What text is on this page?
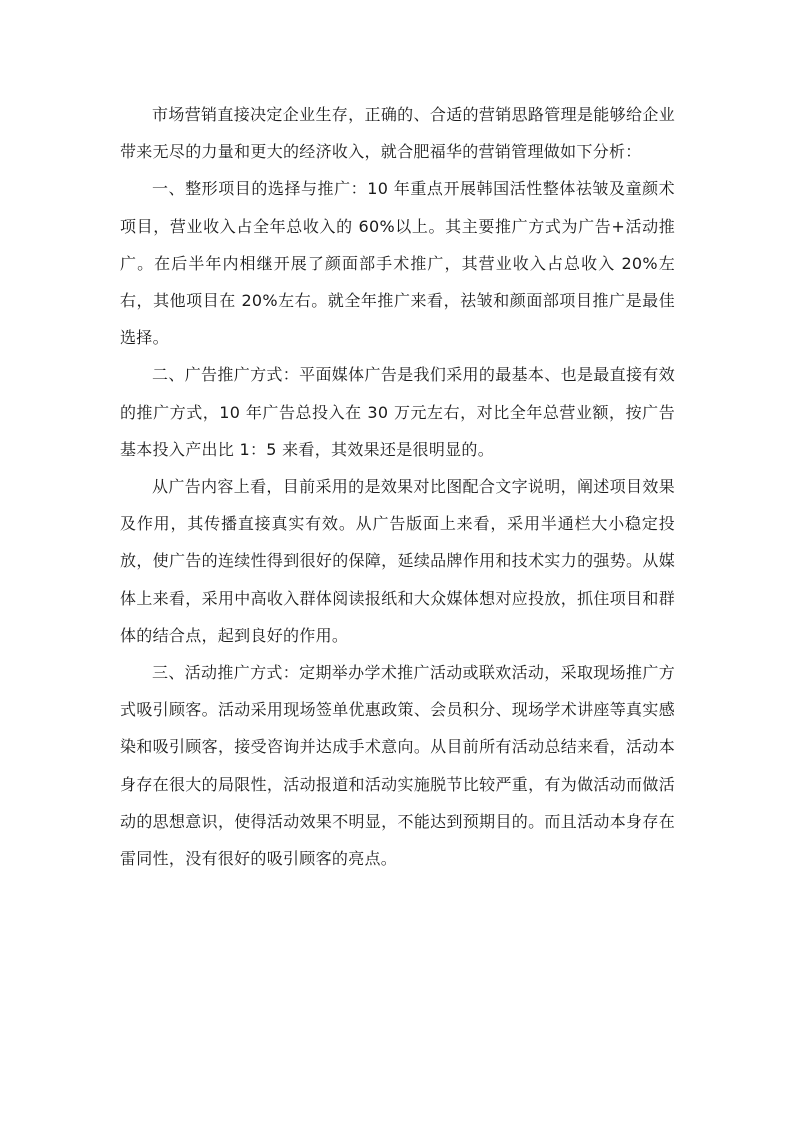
市场营销直接决定企业生存，正确的、合适的营销思路管理是能够给企业带来无尽的力量和更大的经济收入，就合肥福华的营销管理做如下分析：

一、整形项目的选择与推广：10 年重点开展韩国活性整体祛皱及童颜术项目，营业收入占全年总收入的 60%以上。其主要推广方式为广告+活动推广。在后半年内相继开展了颜面部手术推广，其营业收入占总收入 20%左右，其他项目在 20%左右。就全年推广来看，祛皱和颜面部项目推广是最佳选择。

二、广告推广方式：平面媒体广告是我们采用的最基本、也是最直接有效的推广方式，10 年广告总投入在 30 万元左右，对比全年总营业额，按广告基本投入产出比 1：5 来看，其效果还是很明显的。

从广告内容上看，目前采用的是效果对比图配合文字说明，阐述项目效果及作用，其传播直接真实有效。从广告版面上来看，采用半通栏大小稳定投放，使广告的连续性得到很好的保障，延续品牌作用和技术实力的强势。从媒体上来看，采用中高收入群体阅读报纸和大众媒体想对应投放，抓住项目和群体的结合点，起到良好的作用。

三、活动推广方式：定期举办学术推广活动或联欢活动，采取现场推广方式吸引顾客。活动采用现场签单优惠政策、会员积分、现场学术讲座等真实感染和吸引顾客，接受咨询并达成手术意向。从目前所有活动总结来看，活动本身存在很大的局限性，活动报道和活动实施脱节比较严重，有为做活动而做活动的思想意识，使得活动效果不明显，不能达到预期目的。而且活动本身存在雷同性，没有很好的吸引顾客的亮点。
